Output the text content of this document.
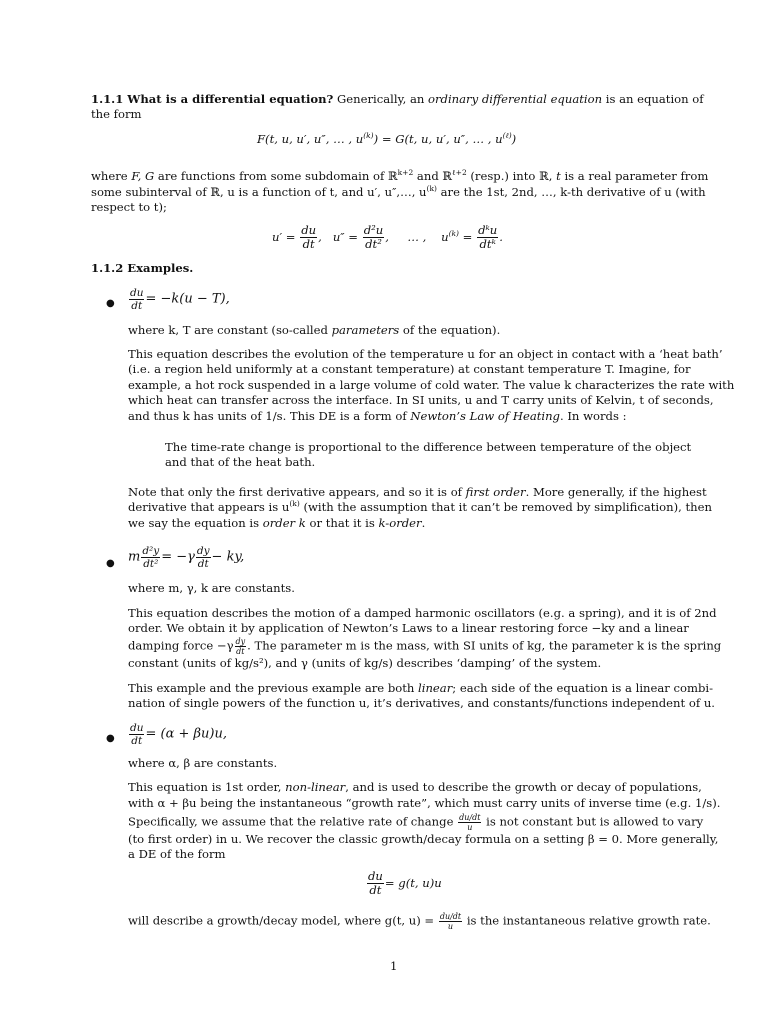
1.1.1 What is a differential equation? Generically, an ordinary differential equation is an equation of
the form
F(t, u, u′, u″, … , $u^{(k)}) = G(t$, u, u′, u″, … , $u^{(\ell)}$)
where F, G are functions from some subdomain of ℝ$^{k+2}$ and ℝ$^{\ell+2}$ (resp.) into ℝ, t is a real parameter from
some subinterval of ℝ, u is a function of t, and u′, u″,…, $u^{(k)}$ are the 1st, 2nd, …, k-th derivative of u (with
respect to t);
$u' = \frac{du}{dt}$ , $u'' = \frac{\text{d²u}}{\text{dt²}}$ , … , $u^{(k)} = \frac{\text{dᵏu}}{\text{dtᵏ}}$ .
1.1.2 Examples.
● $\frac{du}{dt} = -k(u - T)$,
where k, T are constant (so-called parameters of the equation).
This equation describes the evolution of the temperature u for an object in contact with a ‘heat bath’
(i.e. a region held uniformly at a constant temperature) at constant temperature T. Imagine, for
example, a hot rock suspended in a large volume of cold water. The value k characterizes the rate with
which heat can transfer across the interface. In SI units, u and T carry units of Kelvin, t of seconds,
and thus k has units of 1/s. This DE is a form of Newton’s Law of Heating. In words :
The time-rate change is proportional to the difference between temperature of the object
and that of the heat bath.
Note that only the first derivative appears, and so it is of first order. More generally, if the highest
derivative that appears is $u^{(k)}$ (with the assumption that it can’t be removed by simplification), then
we say the equation is order k or that it is k-order.
● m $\frac{\text{d²y}}{\text{dt²}} = -\gamma \frac{dy}{dt}$ − ky,
where m, γ, k are constants.
This equation describes the motion of a damped harmonic oscillators (e.g. a spring), and it is of 2nd
order. We obtain it by application of Newton’s Laws to a linear restoring force −ky and a linear
damping force $-\gamma \frac{dy}{dt}$ . The parameter m is the mass, with SI units of kg, the parameter k is the spring
constant (units of kg/s²), and γ (units of kg/s) describes ‘damping’ of the system.
This example and the previous example are both linear; each side of the equation is a linear combi-
nation of single powers of the function u, it’s derivatives, and constants/functions independent of u.
● $\frac{du}{dt} = (\alpha + \beta u)u$,
where α, β are constants.
This equation is 1st order, non-linear, and is used to describe the growth or decay of populations,
with α + βu being the instantaneous “growth rate”, which must carry units of inverse time (e.g. 1/s).
Specifically, we assume that the relative rate of change $\frac{du/dt}{u}$ is not constant but is allowed to vary
(to first order) in u. We recover the classic growth/decay formula on a setting β = 0. More generally,
a DE of the form
$\frac{du}{dt} = g(t$, u)u
will describe a growth/decay model, where g(t, $u) = \frac{du/dt}{u}$ is the instantaneous relative growth rate.
1
